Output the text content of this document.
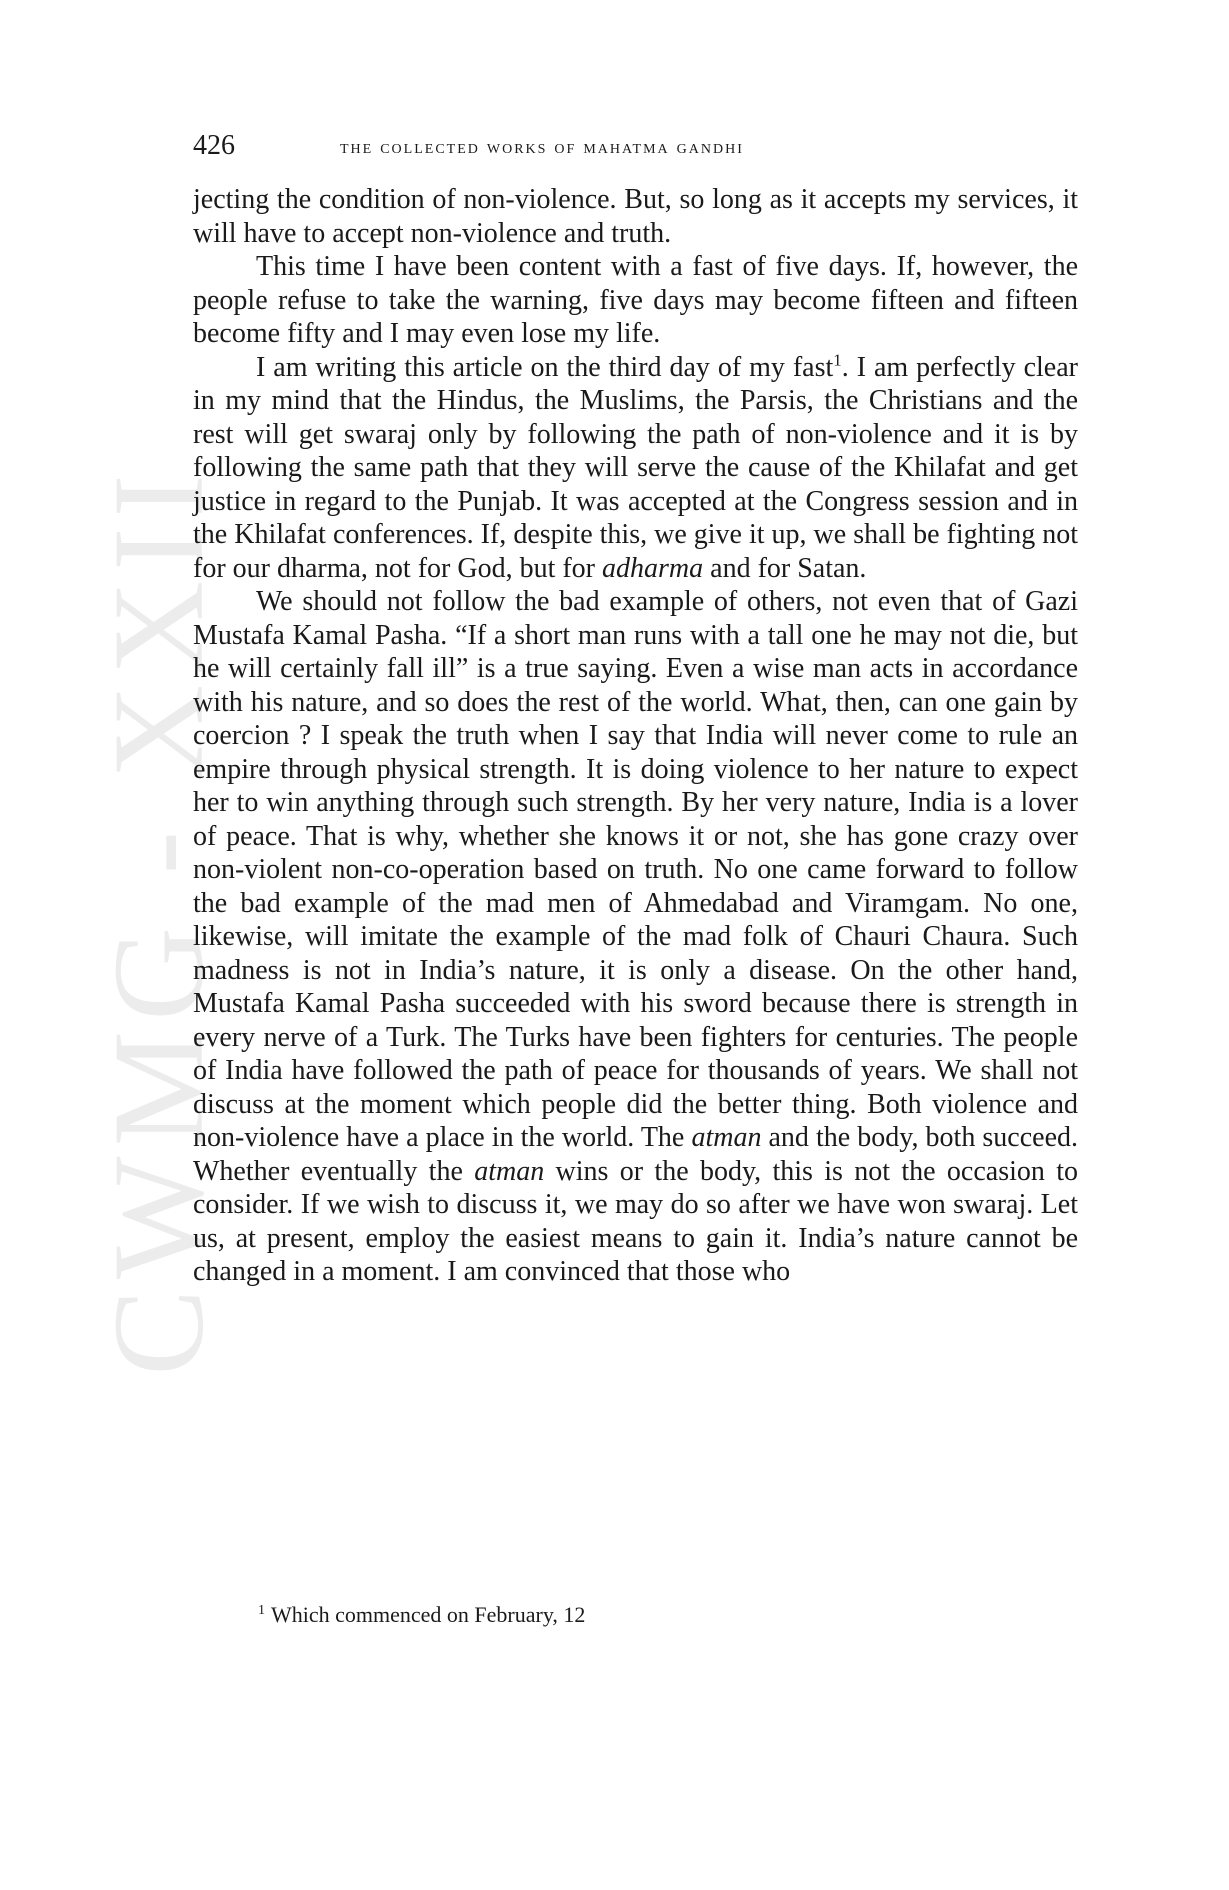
CWMG - XXII
426	the collected works of mahatma gandhi

jecting the condition of non-violence. But, so long as it accepts my services, it will have to accept non-violence and truth.

This time I have been content with a fast of five days. If, however, the people refuse to take the warning, five days may become fifteen and fifteen become fifty and I may even lose my life.

I am writing this article on the third day of my fast$^1$. I am perfectly clear in my mind that the Hindus, the Muslims, the Parsis, the Christians and the rest will get swaraj only by following the path of non-violence and it is by following the same path that they will serve the cause of the Khilafat and get justice in regard to the Punjab. It was accepted at the Congress session and in the Khilafat conferences. If, despite this, we give it up, we shall be fighting not for our dharma, not for God, but for adharma and for Satan.

We should not follow the bad example of others, not even that of Gazi Mustafa Kamal Pasha. “If a short man runs with a tall one he may not die, but he will certainly fall ill” is a true saying. Even a wise man acts in accordance with his nature, and so does the rest of the world. What, then, can one gain by coercion ? I speak the truth when I say that India will never come to rule an empire through physical strength. It is doing violence to her nature to expect her to win anything through such strength. By her very nature, India is a lover of peace. That is why, whether she knows it or not, she has gone crazy over non-violent non-co-operation based on truth. No one came forward to follow the bad example of the mad men of Ahmedabad and Viramgam. No one, likewise, will imitate the example of the mad folk of Chauri Chaura. Such madness is not in India’s nature, it is only a disease. On the other hand, Mustafa Kamal Pasha succeeded with his sword because there is strength in every nerve of a Turk. The Turks have been fighters for centuries. The people of India have followed the path of peace for thousands of years. We shall not discuss at the moment which people did the better thing. Both violence and non-violence have a place in the world. The atman and the body, both succeed. Whether eventually the atman wins or the body, this is not the occasion to consider. If we wish to discuss it, we may do so after we have won swaraj. Let us, at present, employ the easiest means to gain it. India’s nature cannot be changed in a moment. I am convinced that those who

$^1$ Which commenced on February, 12
